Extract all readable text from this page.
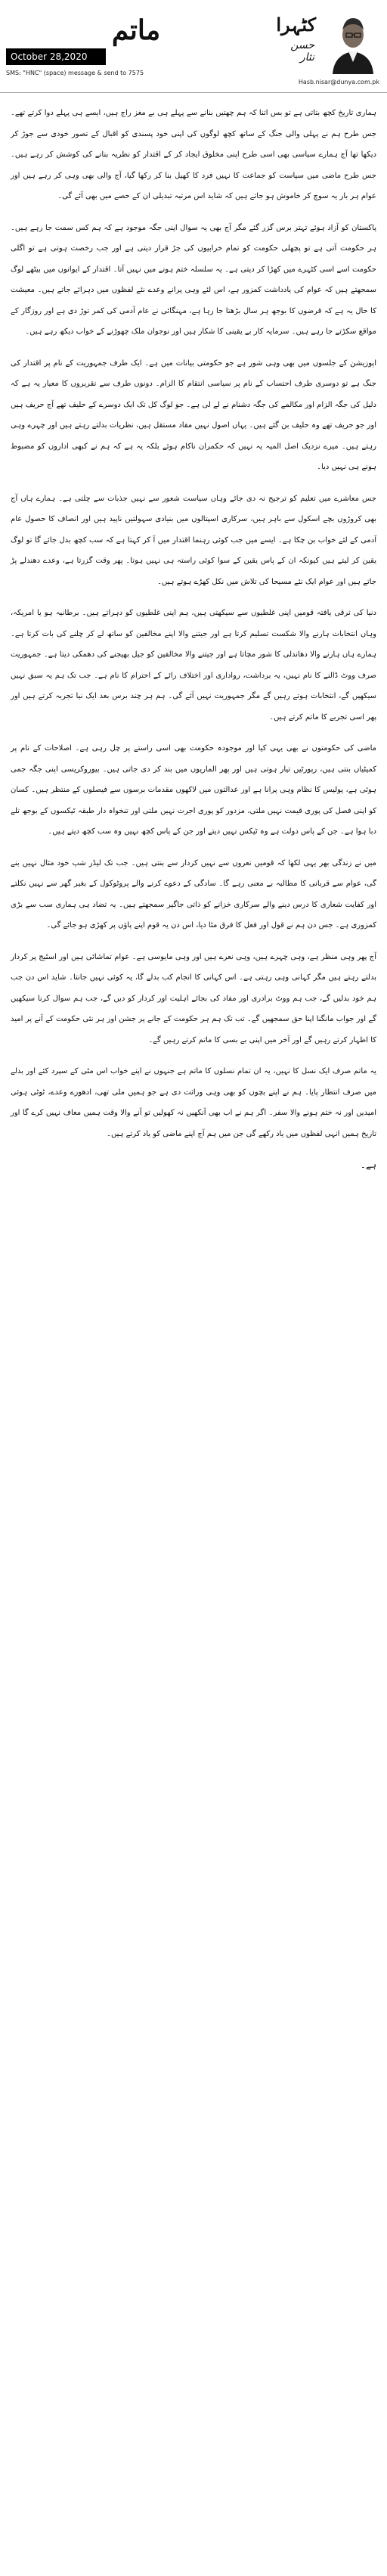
ماتم	کٹہرا
حسن نثار
October 28,2020
SMS: "HNC" (space) message & send to 7575
Hasb.nisar@dunya.com.pk

ہماری تاریخ کچھ بتاتی ہے تو بس اتنا کہ ہم چھتیں بنانے سے پہلے ہی بے مغز راج ہیں، ایسے ہی پہلے دوا کرتے تھے۔ جس طرح ہم نے پہلی والی جنگ کے ساتھ کچھ لوگوں کی اپنی خود پسندی کو اقبال کے تصور خودی سے جوڑ کر دیکھا تھا آج ہمارے سیاسی بھی اسی طرح اپنی مخلوق ایجاد کر کے اقتدار کو نظریہ بنانے کی کوشش کر رہے ہیں۔ جس طرح ماضی میں سیاست کو جماعت کا نہیں فرد کا کھیل بنا کر رکھا گیا، آج والی بھی وہی کر رہے ہیں اور عوام ہر بار یہ سوچ کر خاموش ہو جاتے ہیں کہ شاید اس مرتبہ تبدیلی ان کے حصے میں بھی آئے گی۔

پاکستان کو آزاد ہوئے تہتر برس گزر گئے مگر آج بھی یہ سوال اپنی جگہ موجود ہے کہ ہم کس سمت جا رہے ہیں۔ ہر حکومت آتی ہے تو پچھلی حکومت کو تمام خرابیوں کی جڑ قرار دیتی ہے اور جب رخصت ہوتی ہے تو اگلی حکومت اسے اسی کٹہرے میں کھڑا کر دیتی ہے۔ یہ سلسلہ ختم ہونے میں نہیں آتا۔ اقتدار کے ایوانوں میں بیٹھے لوگ سمجھتے ہیں کہ عوام کی یادداشت کمزور ہے، اس لئے وہی پرانے وعدے نئے لفظوں میں دہرائے جاتے ہیں۔ معیشت کا حال یہ ہے کہ قرضوں کا بوجھ ہر سال بڑھتا جا رہا ہے، مہنگائی نے عام آدمی کی کمر توڑ دی ہے اور روزگار کے مواقع سکڑتے جا رہے ہیں۔ سرمایہ کار بے یقینی کا شکار ہیں اور نوجوان ملک چھوڑنے کے خواب دیکھ رہے ہیں۔

اپوزیشن کے جلسوں میں بھی وہی شور ہے جو حکومتی بیانات میں ہے۔ ایک طرف جمہوریت کے نام پر اقتدار کی جنگ ہے تو دوسری طرف احتساب کے نام پر سیاسی انتقام کا الزام۔ دونوں طرف سے تقریروں کا معیار یہ ہے کہ دلیل کی جگہ الزام اور مکالمے کی جگہ دشنام نے لے لی ہے۔ جو لوگ کل تک ایک دوسرے کے حلیف تھے آج حریف ہیں اور جو حریف تھے وہ حلیف بن گئے ہیں۔ یہاں اصول نہیں مفاد مستقل ہیں، نظریات بدلتے رہتے ہیں اور چہرے وہی رہتے ہیں۔ میرے نزدیک اصل المیہ یہ نہیں کہ حکمران ناکام ہوئے بلکہ یہ ہے کہ ہم نے کبھی اداروں کو مضبوط ہونے ہی نہیں دیا۔

جس معاشرے میں تعلیم کو ترجیح نہ دی جائے وہاں سیاست شعور سے نہیں جذبات سے چلتی ہے۔ ہمارے ہاں آج بھی کروڑوں بچے اسکول سے باہر ہیں، سرکاری اسپتالوں میں بنیادی سہولتیں ناپید ہیں اور انصاف کا حصول عام آدمی کے لئے خواب بن چکا ہے۔ ایسے میں جب کوئی رہنما اقتدار میں آ کر کہتا ہے کہ سب کچھ بدل جائے گا تو لوگ یقین کر لیتے ہیں کیونکہ ان کے پاس یقین کے سوا کوئی راستہ ہی نہیں ہوتا۔ پھر وقت گزرتا ہے، وعدے دھندلے پڑ جاتے ہیں اور عوام ایک نئے مسیحا کی تلاش میں نکل کھڑے ہوتے ہیں۔

دنیا کی ترقی یافتہ قومیں اپنی غلطیوں سے سیکھتی ہیں، ہم اپنی غلطیوں کو دہراتے ہیں۔ برطانیہ ہو یا امریکہ، وہاں انتخابات ہارنے والا شکست تسلیم کرتا ہے اور جیتنے والا اپنے مخالفین کو ساتھ لے کر چلنے کی بات کرتا ہے۔ ہمارے ہاں ہارنے والا دھاندلی کا شور مچاتا ہے اور جیتنے والا مخالفین کو جیل بھیجنے کی دھمکی دیتا ہے۔ جمہوریت صرف ووٹ ڈالنے کا نام نہیں، یہ برداشت، رواداری اور اختلاف رائے کے احترام کا نام ہے۔ جب تک ہم یہ سبق نہیں سیکھیں گے، انتخابات ہوتے رہیں گے مگر جمہوریت نہیں آئے گی۔ ہم ہر چند برس بعد ایک نیا تجربہ کرتے ہیں اور پھر اسی تجربے کا ماتم کرتے ہیں۔

ماضی کی حکومتوں نے بھی یہی کیا اور موجودہ حکومت بھی اسی راستے پر چل رہی ہے۔ اصلاحات کے نام پر کمیٹیاں بنتی ہیں، رپورٹیں تیار ہوتی ہیں اور پھر الماریوں میں بند کر دی جاتی ہیں۔ بیوروکریسی اپنی جگہ جمی ہوئی ہے، پولیس کا نظام وہی پرانا ہے اور عدالتوں میں لاکھوں مقدمات برسوں سے فیصلوں کے منتظر ہیں۔ کسان کو اپنی فصل کی پوری قیمت نہیں ملتی، مزدور کو پوری اجرت نہیں ملتی اور تنخواہ دار طبقہ ٹیکسوں کے بوجھ تلے دبا ہوا ہے۔ جن کے پاس دولت ہے وہ ٹیکس نہیں دیتے اور جن کے پاس کچھ نہیں وہ سب کچھ دیتے ہیں۔

میں نے زندگی بھر یہی لکھا کہ قومیں نعروں سے نہیں کردار سے بنتی ہیں۔ جب تک لیڈر شپ خود مثال نہیں بنے گی، عوام سے قربانی کا مطالبہ بے معنی رہے گا۔ سادگی کے دعوے کرنے والے پروٹوکول کے بغیر گھر سے نہیں نکلتے اور کفایت شعاری کا درس دینے والے سرکاری خزانے کو ذاتی جاگیر سمجھتے ہیں۔ یہ تضاد ہی ہماری سب سے بڑی کمزوری ہے۔ جس دن ہم نے قول اور فعل کا فرق مٹا دیا، اس دن یہ قوم اپنے پاؤں پر کھڑی ہو جائے گی۔

آج پھر وہی منظر ہے، وہی چہرے ہیں، وہی نعرے ہیں اور وہی مایوسی ہے۔ عوام تماشائی ہیں اور اسٹیج پر کردار بدلتے رہتے ہیں مگر کہانی وہی رہتی ہے۔ اس کہانی کا انجام کب بدلے گا، یہ کوئی نہیں جانتا۔ شاید اس دن جب ہم خود بدلیں گے، جب ہم ووٹ برادری اور مفاد کی بجائے اہلیت اور کردار کو دیں گے، جب ہم سوال کرنا سیکھیں گے اور جواب مانگنا اپنا حق سمجھیں گے۔ تب تک ہم ہر حکومت کے جانے پر جشن اور ہر نئی حکومت کے آنے پر امید کا اظہار کرتے رہیں گے اور آخر میں اپنی بے بسی کا ماتم کرتے رہیں گے۔

یہ ماتم صرف ایک نسل کا نہیں، یہ ان تمام نسلوں کا ماتم ہے جنہوں نے اپنے خواب اس مٹی کے سپرد کئے اور بدلے میں صرف انتظار پایا۔ ہم نے اپنے بچوں کو بھی وہی وراثت دی ہے جو ہمیں ملی تھی، ادھورے وعدے، ٹوٹی ہوئی امیدیں اور نہ ختم ہونے والا سفر۔ اگر ہم نے اب بھی آنکھیں نہ کھولیں تو آنے والا وقت ہمیں معاف نہیں کرے گا اور تاریخ ہمیں انہی لفظوں میں یاد رکھے گی جن میں ہم آج اپنے ماضی کو یاد کرتے ہیں۔

ہے۔
